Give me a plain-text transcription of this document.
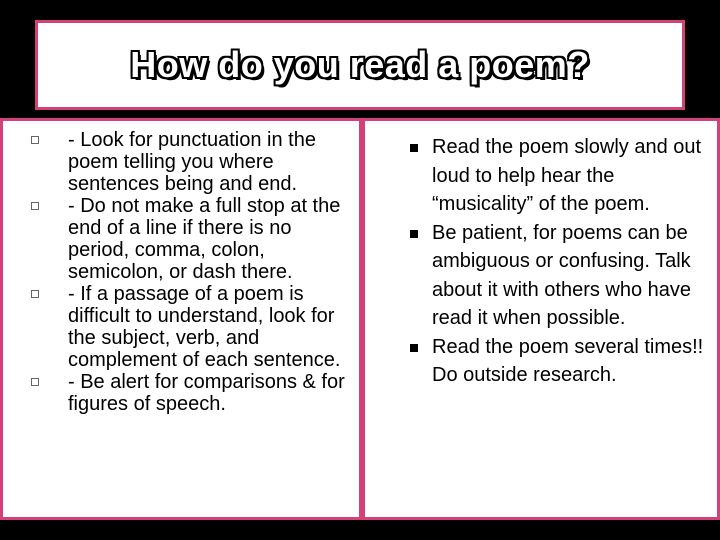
How do you read a poem?
- Look for punctuation in the poem telling you where sentences being and end.
- Do not make a full stop at the end of a line if there is no period, comma, colon, semicolon, or dash there.
- If a passage of a poem is difficult to understand, look for the subject, verb, and complement of each sentence.
- Be alert for comparisons & for figures of speech.
Read the poem slowly and out loud to help hear the “musicality” of the poem.
Be patient, for poems can be ambiguous or confusing. Talk about it with others who have read it when possible.
Read the poem several times!! Do outside research.
